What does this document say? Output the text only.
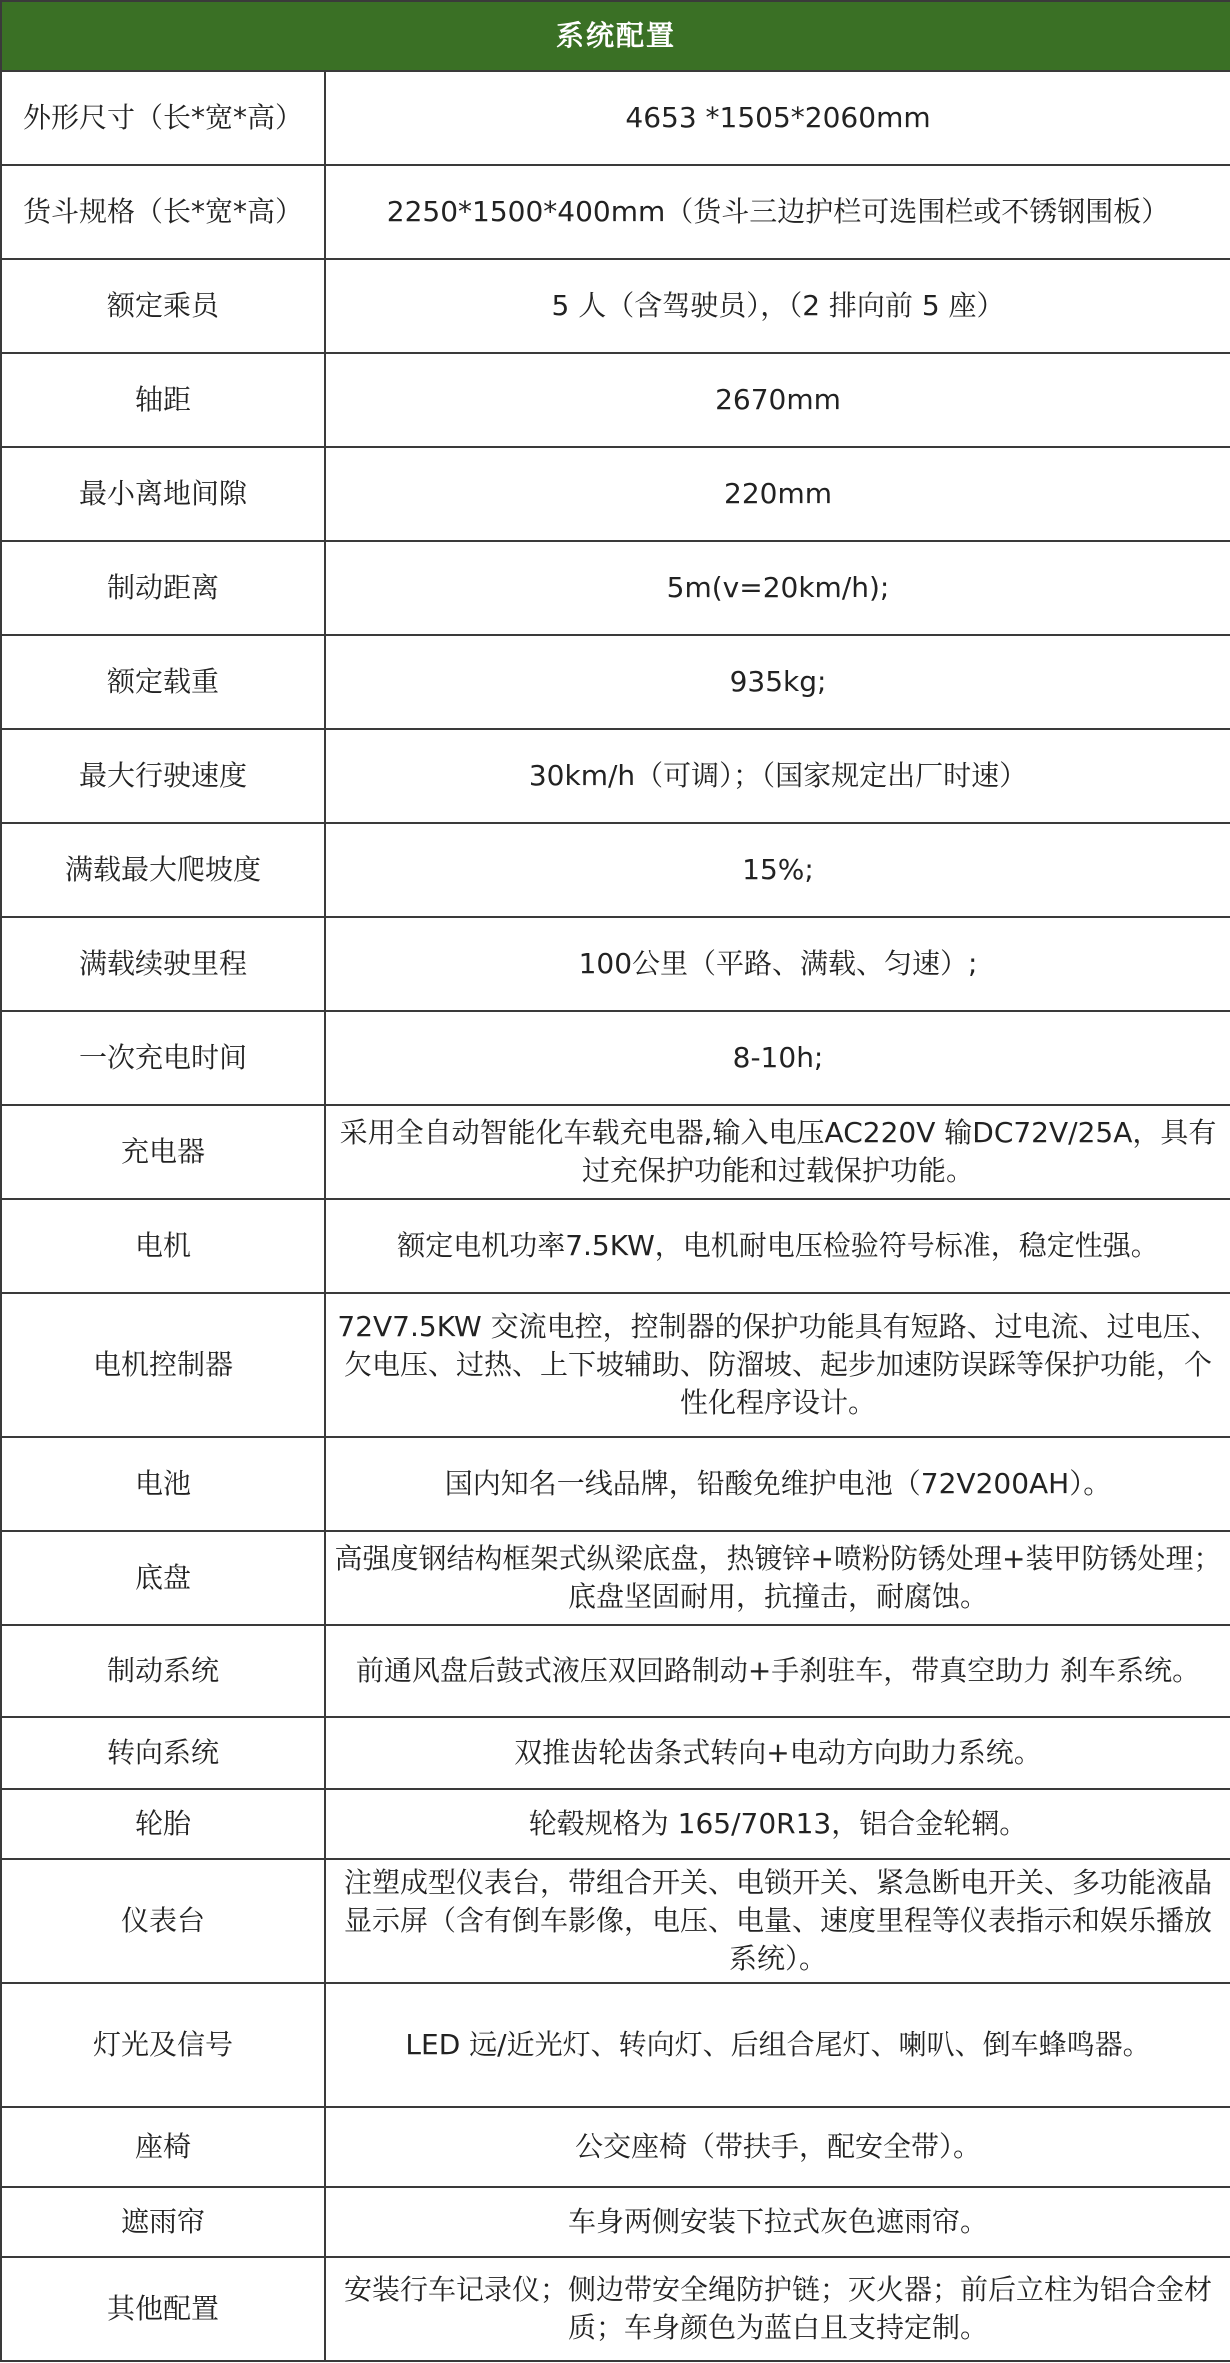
系统配置	
外形尺寸（长*宽*高）	4653 *1505*2060mm
货斗规格（长*宽*高）	2250*1500*400mm（货斗三边护栏可选围栏或不锈钢围板）
额定乘员	5 人（含驾驶员），（2 排向前 5 座）
轴距	2670mm
最小离地间隙	220mm
制动距离	5m(v=20km/h);
额定载重	935kg;
最大行驶速度	30km/h（可调）；（国家规定出厂时速）
满载最大爬坡度	15%;
满载续驶里程	100公里（平路、满载、匀速）;
一次充电时间	8-10h;
充电器	采用全自动智能化车载充电器,输入电压AC220V 输DC72V/25A，具有过充保护功能和过载保护功能。
电机	额定电机功率7.5KW，电机耐电压检验符号标准，稳定性强。
电机控制器	72V7.5KW 交流电控，控制器的保护功能具有短路、过电流、过电压、欠电压、过热、上下坡辅助、防溜坡、起步加速防误踩等保护功能，个性化程序设计。
电池	国内知名一线品牌，铅酸免维护电池（72V200AH）。
底盘	高强度钢结构框架式纵梁底盘，热镀锌+喷粉防锈处理+装甲防锈处理；底盘坚固耐用，抗撞击，耐腐蚀。
制动系统	前通风盘后鼓式液压双回路制动+手刹驻车，带真空助力 刹车系统。
转向系统	双推齿轮齿条式转向+电动方向助力系统。
轮胎	轮毂规格为 165/70R13，铝合金轮辋。
仪表台	注塑成型仪表台，带组合开关、电锁开关、紧急断电开关、多功能液晶显示屏（含有倒车影像，电压、电量、速度里程等仪表指示和娱乐播放系统）。
灯光及信号	LED 远/近光灯、转向灯、后组合尾灯、喇叭、倒车蜂鸣器。
座椅	公交座椅（带扶手，配安全带）。
遮雨帘	车身两侧安装下拉式灰色遮雨帘。
其他配置	安装行车记录仪；侧边带安全绳防护链；灭火器；前后立柱为铝合金材质；车身颜色为蓝白且支持定制。
